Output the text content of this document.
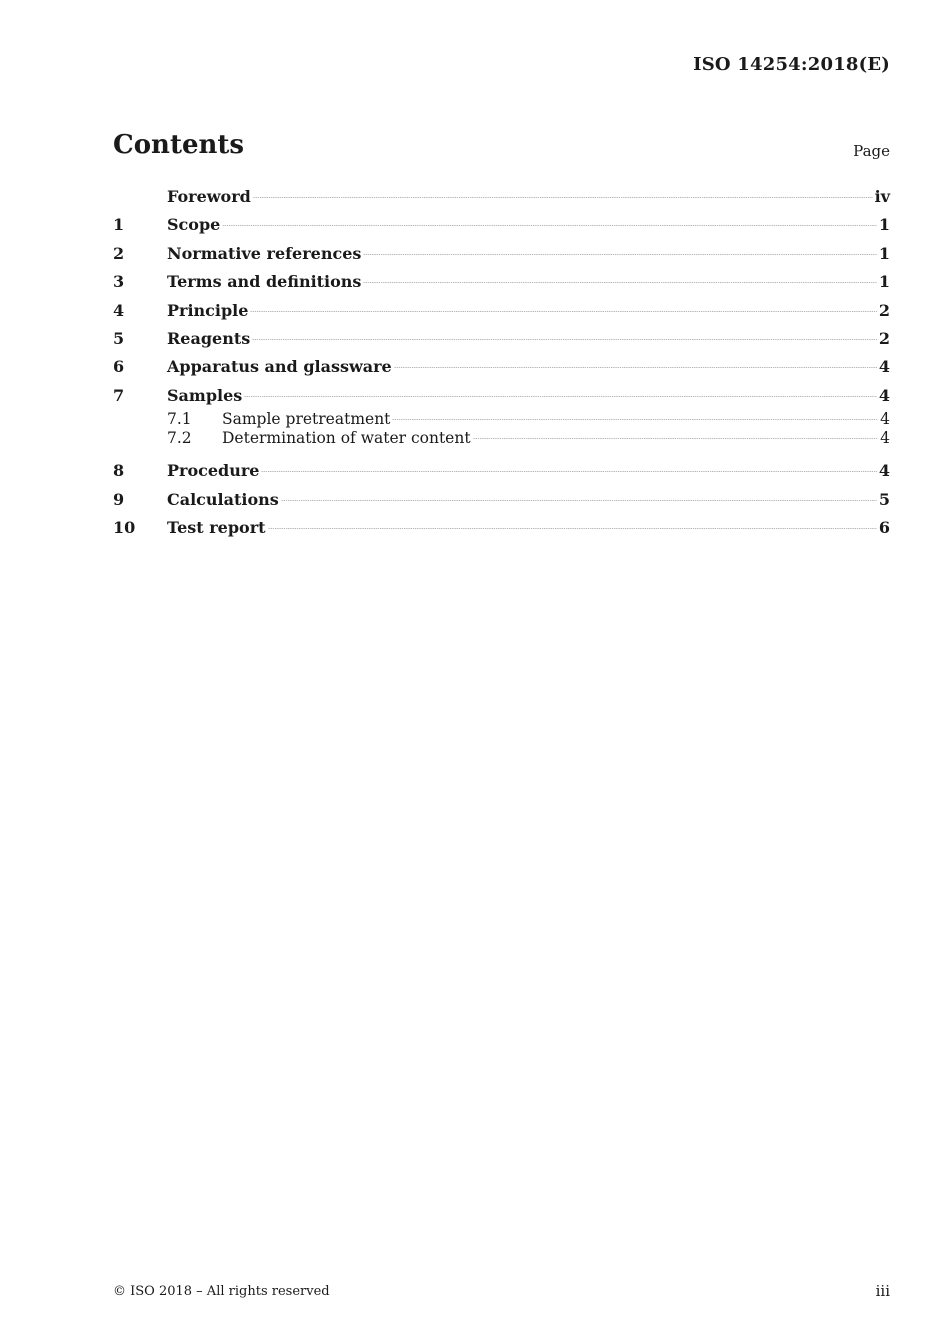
ISO 14254:2018(E)
Contents	Page
Foreword	iv
1	Scope	1
2	Normative references	1
3	Terms and definitions	1
4	Principle	2
5	Reagents	2
6	Apparatus and glassware	4
7	Samples	4
7.1	Sample pretreatment	4
7.2	Determination of water content	4
8	Procedure	4
9	Calculations	5
10	Test report	6
© ISO 2018 – All rights reserved	iii
